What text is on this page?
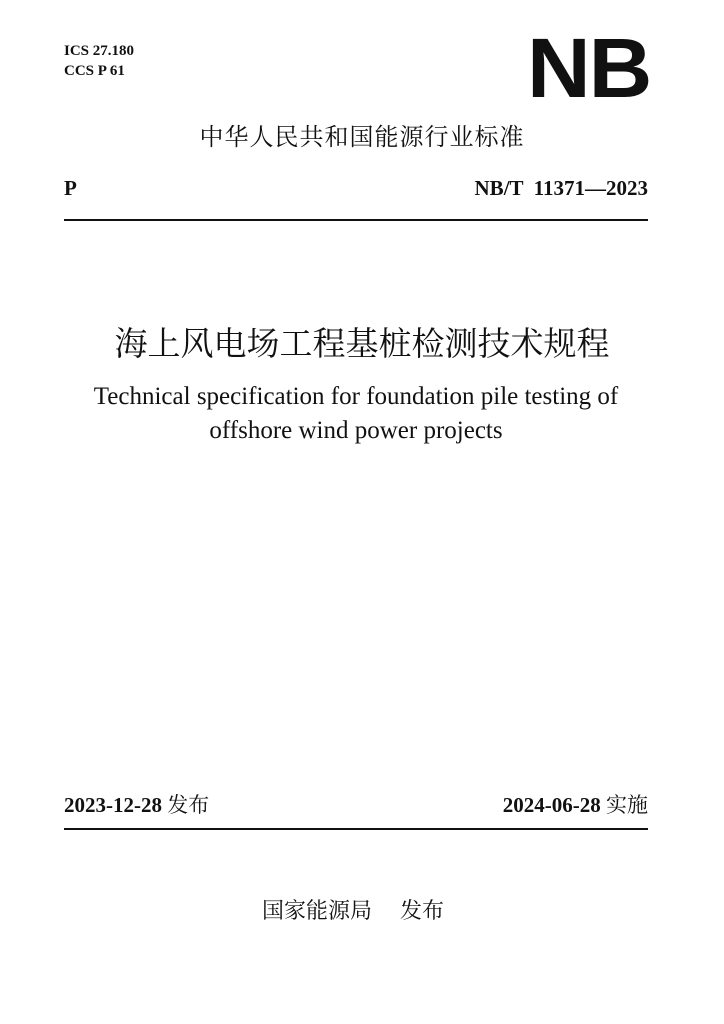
ICS 27.180
CCS P 61	NB
中华人民共和国能源行业标准
P	NB/T  11371—2023
海上风电场工程基桩检测技术规程
Technical specification for foundation pile testing of
offshore wind power projects
2023-12-28 发布	2024-06-28 实施
国家能源局 发布
